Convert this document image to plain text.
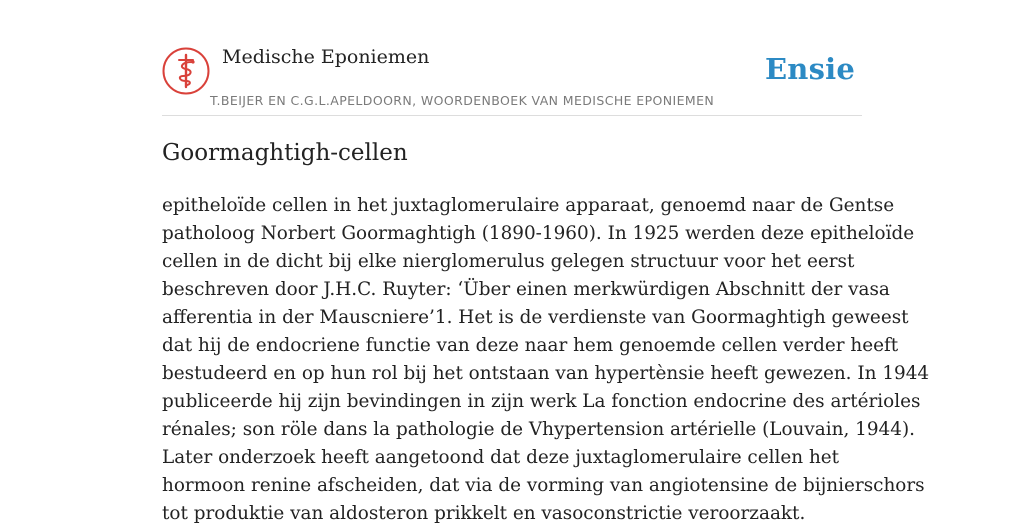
Medische Eponiemen	Ensie
T.BEIJER EN C.G.L.APELDOORN, WOORDENBOEK VAN MEDISCHE EPONIEMEN
Goormaghtigh-cellen
epitheloïde cellen in het juxtaglomerulaire apparaat, genoemd naar de Gentse
patholoog Norbert Goormaghtigh (1890-1960). In 1925 werden deze epitheloïde
cellen in de dicht bij elke nierglomerulus gelegen structuur voor het eerst
beschreven door J.H.C. Ruyter: ‘Über einen merkwürdigen Abschnitt der vasa
afferentia in der Mauscniere’1. Het is de verdienste van Goormaghtigh geweest
dat hij de endocriene functie van deze naar hem genoemde cellen verder heeft
bestudeerd en op hun rol bij het ontstaan van hypertènsie heeft gewezen. In 1944
publiceerde hij zijn bevindingen in zijn werk La fonction endocrine des artérioles
rénales; son röle dans la pathologie de Vhypertension artérielle (Louvain, 1944).
Later onderzoek heeft aangetoond dat deze juxtaglomerulaire cellen het
hormoon renine afscheiden, dat via de vorming van angiotensine de bijnierschors
tot produktie van aldosteron prikkelt en vasoconstrictie veroorzaakt.
